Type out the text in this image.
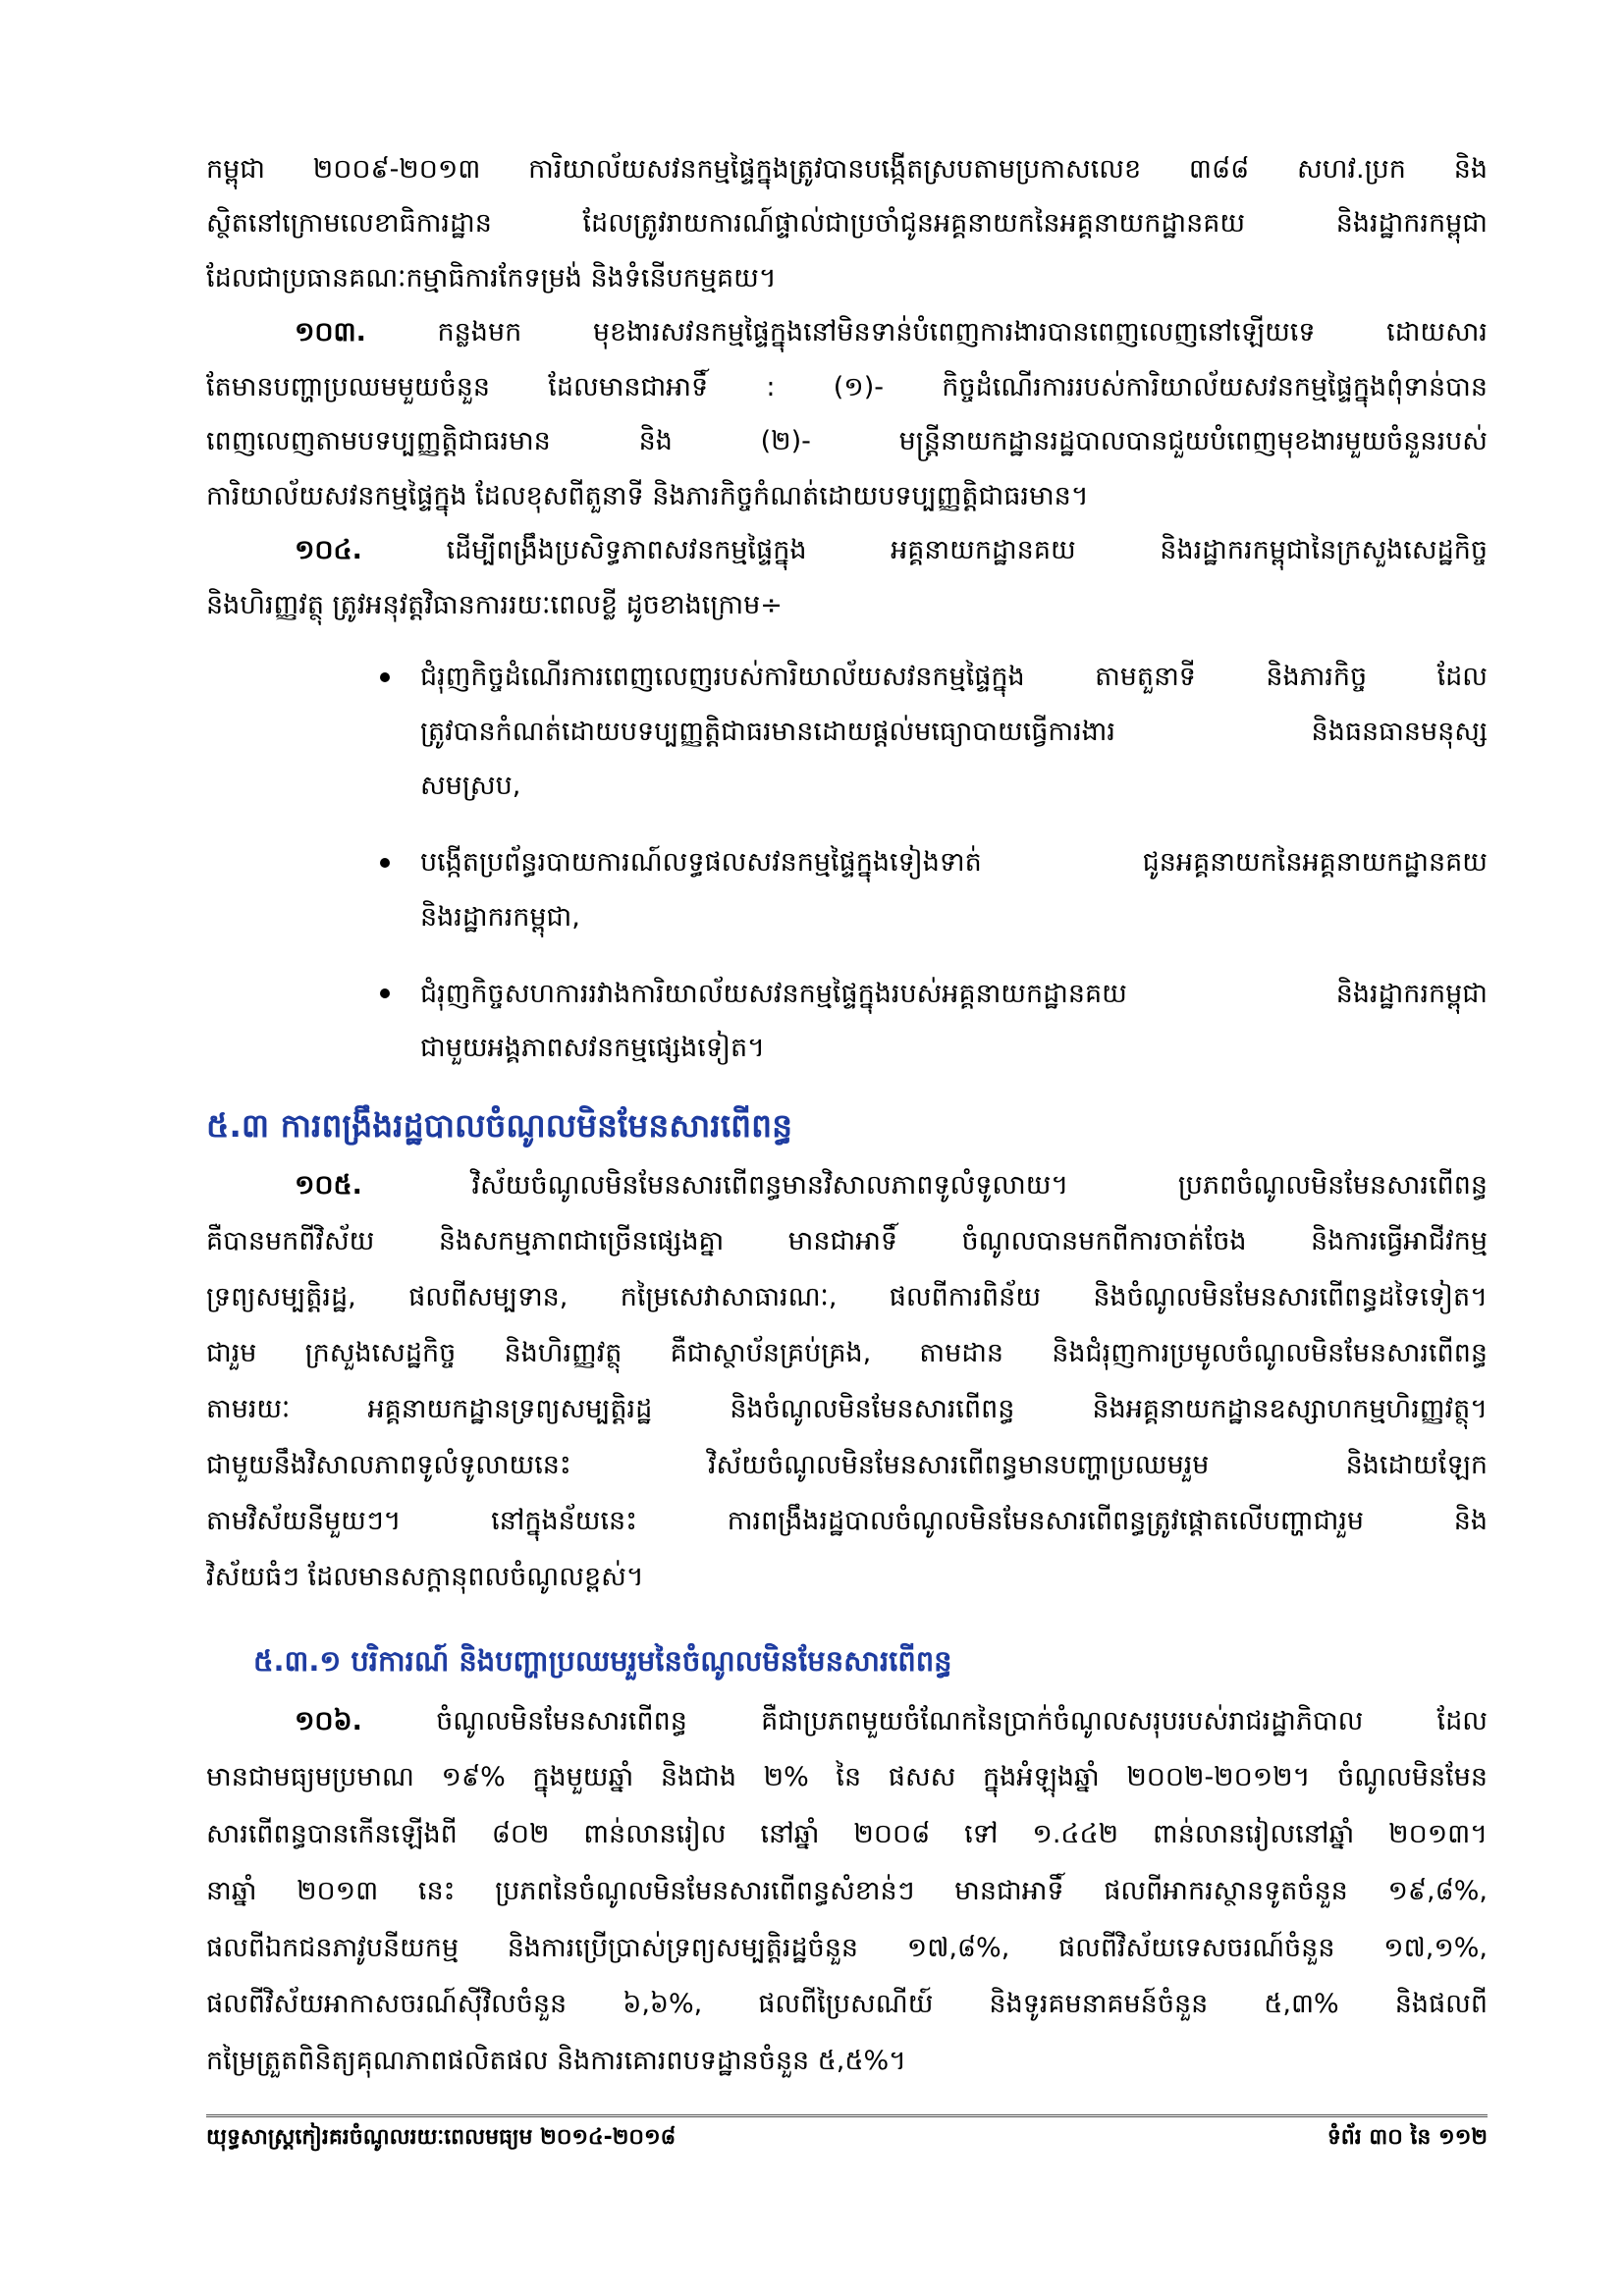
កម្ពុជា ២០០៩-២០១៣ ការិយាល័យសវនកម្មផ្ទៃក្នុងត្រូវបានបង្កើតស្របតាមប្រកាសលេខ ៣៨៨ សហវ.ប្រក និង
ស្ថិតនៅក្រោមលេខាធិការដ្ឋាន ដែលត្រូវរាយការណ៍ផ្ទាល់ជាប្រចាំជូនអគ្គនាយកនៃអគ្គនាយកដ្ឋានគយ និងរដ្ឋាករកម្ពុជា
ដែលជាប្រធានគណៈកម្មាធិការកែទម្រង់ និងទំនើបកម្មគយ។
១០៣.	កន្លងមក មុខងារសវនកម្មផ្ទៃក្នុងនៅមិនទាន់បំពេញការងារបានពេញលេញនៅឡើយទេ ដោយសារ
តែមានបញ្ហាប្រឈមមួយចំនួន ដែលមានជាអាទិ៍ : (១)- កិច្ចដំណើរការរបស់ការិយាល័យសវនកម្មផ្ទៃក្នុងពុំទាន់បាន
ពេញលេញតាមបទប្បញ្ញត្តិជាធរមាន និង (២)- មន្ត្រីនាយកដ្ឋានរដ្ឋបាលបានជួយបំពេញមុខងារមួយចំនួនរបស់
ការិយាល័យសវនកម្មផ្ទៃក្នុង ដែលខុសពីតួនាទី និងភារកិច្ចកំណត់ដោយបទប្បញ្ញត្តិជាធរមាន។
១០៤.	ដើម្បីពង្រឹងប្រសិទ្ធភាពសវនកម្មផ្ទៃក្នុង អគ្គនាយកដ្ឋានគយ និងរដ្ឋាករកម្ពុជានៃក្រសួងសេដ្ឋកិច្ច
និងហិរញ្ញវត្ថុ ត្រូវអនុវត្តវិធានការរយៈពេលខ្លី ដូចខាងក្រោម÷
ជំរុញកិច្ចដំណើរការពេញលេញរបស់ការិយាល័យសវនកម្មផ្ទៃក្នុង តាមតួនាទី និងភារកិច្ច ដែល
ត្រូវបានកំណត់ដោយបទប្បញ្ញត្តិជាធរមានដោយផ្តល់មធ្យោបាយធ្វើការងារ និងធនធានមនុស្ស
សមស្រប,
បង្កើតប្រព័ន្ធរបាយការណ៍លទ្ធផលសវនកម្មផ្ទៃក្នុងទៀងទាត់ ជូនអគ្គនាយកនៃអគ្គនាយកដ្ឋានគយ
និងរដ្ឋាករកម្ពុជា,
ជំរុញកិច្ចសហការរវាងការិយាល័យសវនកម្មផ្ទៃក្នុងរបស់អគ្គនាយកដ្ឋានគយ និងរដ្ឋាករកម្ពុជា
ជាមួយអង្គភាពសវនកម្មផ្សេងទៀត។
៥.៣ ការពង្រឹងរដ្ឋបាលចំណូលមិនមែនសារពើពន្ធ
១០៥.	វិស័យចំណូលមិនមែនសារពើពន្ធមានវិសាលភាពទូលំទូលាយ។ ប្រភពចំណូលមិនមែនសារពើពន្ធ
គឺបានមកពីវិស័យ និងសកម្មភាពជាច្រើនផ្សេងគ្នា មានជាអាទិ៍ ចំណូលបានមកពីការចាត់ចែង និងការធ្វើអាជីវកម្ម
ទ្រព្យសម្បត្តិរដ្ឋ, ផលពីសម្បទាន, កម្រៃសេវាសាធារណៈ, ផលពីការពិន័យ និងចំណូលមិនមែនសារពើពន្ធដទៃទៀត។
ជារួម ក្រសួងសេដ្ឋកិច្ច និងហិរញ្ញវត្ថុ គឺជាស្ថាប័នគ្រប់គ្រង, តាមដាន និងជំរុញការប្រមូលចំណូលមិនមែនសារពើពន្ធ
តាមរយៈ អគ្គនាយកដ្ឋានទ្រព្យសម្បត្តិរដ្ឋ និងចំណូលមិនមែនសារពើពន្ធ និងអគ្គនាយកដ្ឋានឧស្សាហកម្មហិរញ្ញវត្ថុ។
ជាមួយនឹងវិសាលភាពទូលំទូលាយនេះ វិស័យចំណូលមិនមែនសារពើពន្ធមានបញ្ហាប្រឈមរួម និងដោយឡែក
តាមវិស័យនីមួយៗ។ នៅក្នុងន័យនេះ ការពង្រឹងរដ្ឋបាលចំណូលមិនមែនសារពើពន្ធត្រូវផ្តោតលើបញ្ហាជារួម និង
វិស័យធំៗ ដែលមានសក្តានុពលចំណូលខ្ពស់។
៥.៣.១ បរិការណ៍ និងបញ្ហាប្រឈមរួមនៃចំណូលមិនមែនសារពើពន្ធ
១០៦.	ចំណូលមិនមែនសារពើពន្ធ គឺជាប្រភពមួយចំណែកនៃប្រាក់ចំណូលសរុបរបស់រាជរដ្ឋាភិបាល ដែល
មានជាមធ្យមប្រមាណ ១៩% ក្នុងមួយឆ្នាំ និងជាង ២% នៃ ផសស ក្នុងអំឡុងឆ្នាំ ២០០២-២០១២។ ចំណូលមិនមែន
សារពើពន្ធបានកើនឡើងពី ៨០២ ពាន់លានរៀល នៅឆ្នាំ ២០០៨ ទៅ ១.៤៤២ ពាន់លានរៀលនៅឆ្នាំ ២០១៣។
នាឆ្នាំ ២០១៣ នេះ ប្រភពនៃចំណូលមិនមែនសារពើពន្ធសំខាន់ៗ មានជាអាទិ៍ ផលពីអាករស្ថានទូតចំនួន ១៩,៨%,
ផលពីឯកជនភាវូបនីយកម្ម និងការប្រើប្រាស់ទ្រព្យសម្បត្តិរដ្ឋចំនួន ១៧,៨%, ផលពីវិស័យទេសចរណ៍ចំនួន ១៧,១%,
ផលពីវិស័យអាកាសចរណ៍ស៊ីវិលចំនួន ៦,៦%, ផលពីប្រៃសណីយ៍ និងទូរគមនាគមន៍ចំនួន ៥,៣% និងផលពី
កម្រៃត្រួតពិនិត្យគុណភាពផលិតផល និងការគោរពបទដ្ឋានចំនួន ៥,៥%។
យុទ្ធសាស្ត្រកៀរគរចំណូលរយៈពេលមធ្យម ២០១៤-២០១៨	ទំព័រ ៣០ នៃ ១១២
